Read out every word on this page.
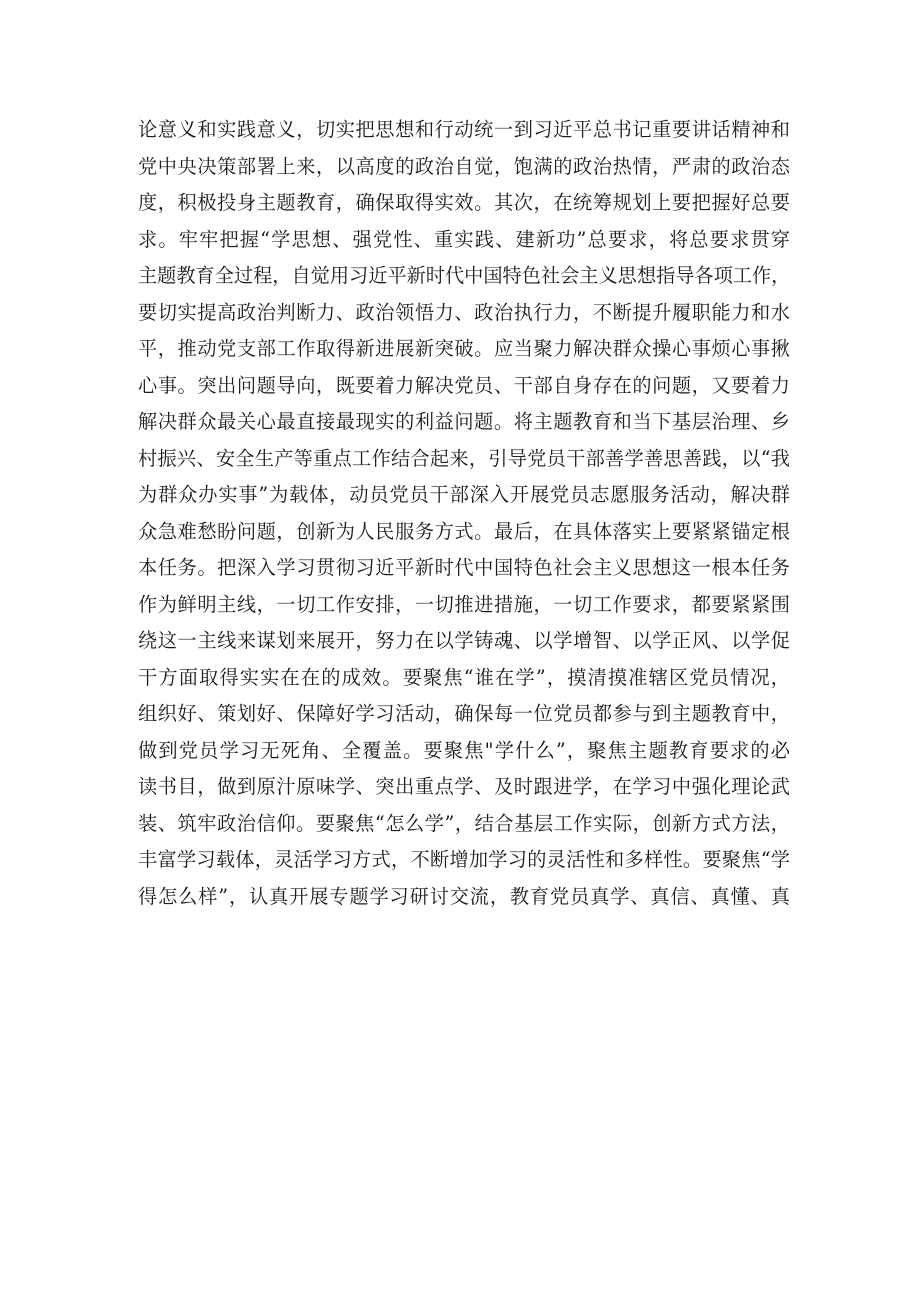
论意义和实践意义，切实把思想和行动统一到习近平总书记重要讲话精神和
党中央决策部署上来，以高度的政治自觉，饱满的政治热情，严肃的政治态
度，积极投身主题教育，确保取得实效。其次，在统筹规划上要把握好总要
求。牢牢把握“学思想、强党性、重实践、建新功”总要求，将总要求贯穿
主题教育全过程，自觉用习近平新时代中国特色社会主义思想指导各项工作，
要切实提高政治判断力、政治领悟力、政治执行力，不断提升履职能力和水
平，推动党支部工作取得新进展新突破。应当聚力解决群众操心事烦心事揪
心事。突出问题导向，既要着力解决党员、干部自身存在的问题，又要着力
解决群众最关心最直接最现实的利益问题。将主题教育和当下基层治理、乡
村振兴、安全生产等重点工作结合起来，引导党员干部善学善思善践，以“我
为群众办实事”为载体，动员党员干部深入开展党员志愿服务活动，解决群
众急难愁盼问题，创新为人民服务方式。最后，在具体落实上要紧紧锚定根
本任务。把深入学习贯彻习近平新时代中国特色社会主义思想这一根本任务
作为鲜明主线，一切工作安排，一切推进措施，一切工作要求，都要紧紧围
绕这一主线来谋划来展开，努力在以学铸魂、以学增智、以学正风、以学促
干方面取得实实在在的成效。要聚焦“谁在学”，摸清摸准辖区党员情况，
组织好、策划好、保障好学习活动，确保每一位党员都参与到主题教育中，
做到党员学习无死角、全覆盖。要聚焦"学什么”，聚焦主题教育要求的必
读书目，做到原汁原味学、突出重点学、及时跟进学，在学习中强化理论武
装、筑牢政治信仰。要聚焦“怎么学”，结合基层工作实际，创新方式方法，
丰富学习载体，灵活学习方式，不断增加学习的灵活性和多样性。要聚焦“学
得怎么样”，认真开展专题学习研讨交流，教育党员真学、真信、真懂、真
